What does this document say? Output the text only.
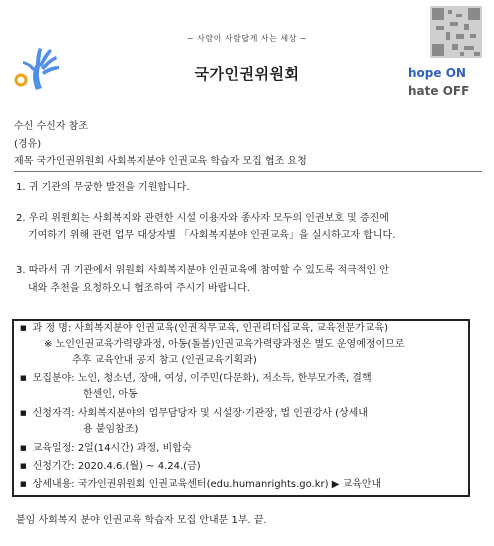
~ 사람이 사람답게 사는 세상 ~
국가인권위원회	hope ON
hate OFF
수신 수신자 참조
(경유)
제목 국가인권위원회 사회복지분야 인권교육 학습자 모집 협조 요청
1. 귀 기관의 무궁한 발전을 기원합니다.
2. 우리 위원회는 사회복지와 관련한 시설 이용자와 종사자 모두의 인권보호 및 증진에
기여하기 위해 관련 업무 대상자별 「사회복지분야 인권교육」을 실시하고자 합니다.
3. 따라서 귀 기관에서 위원회 사회복지분야 인권교육에 참여할 수 있도록 적극적인 안
내와 추천을 요청하오니 협조하여 주시기 바랍니다.
■ 과 정 명: 사회복지분야 인권교육(인권직무교육, 인권리더십교육, 교육전문가교육)
※ 노인인권교육가력량과정, 아동(돌봄)인권교육가력량과정은 별도 운영예정이므로
추후 교육안내 공지 참고 (인권교육기획과)
■ 모집분야: 노인, 청소년, 장애, 여성, 이주민(다문화), 저소득, 한부모가족, 결핵
한센인, 아동
■ 신청자격: 사회복지분야의 업무담당자 및 시설장·기관장, 법 인권강사 (상세내
용 붙임참조)
■ 교육일정: 2일(14시간) 과정, 비합숙
■ 신청기간: 2020.4.6.(월) ~ 4.24.(금)
■ 상세내용: 국가인권위원회 인권교육센터(edu.humanrights.go.kr) ▶ 교육안내
붙임 사회복지 분야 인권교육 학습자 모집 안내문 1부. 끝.
